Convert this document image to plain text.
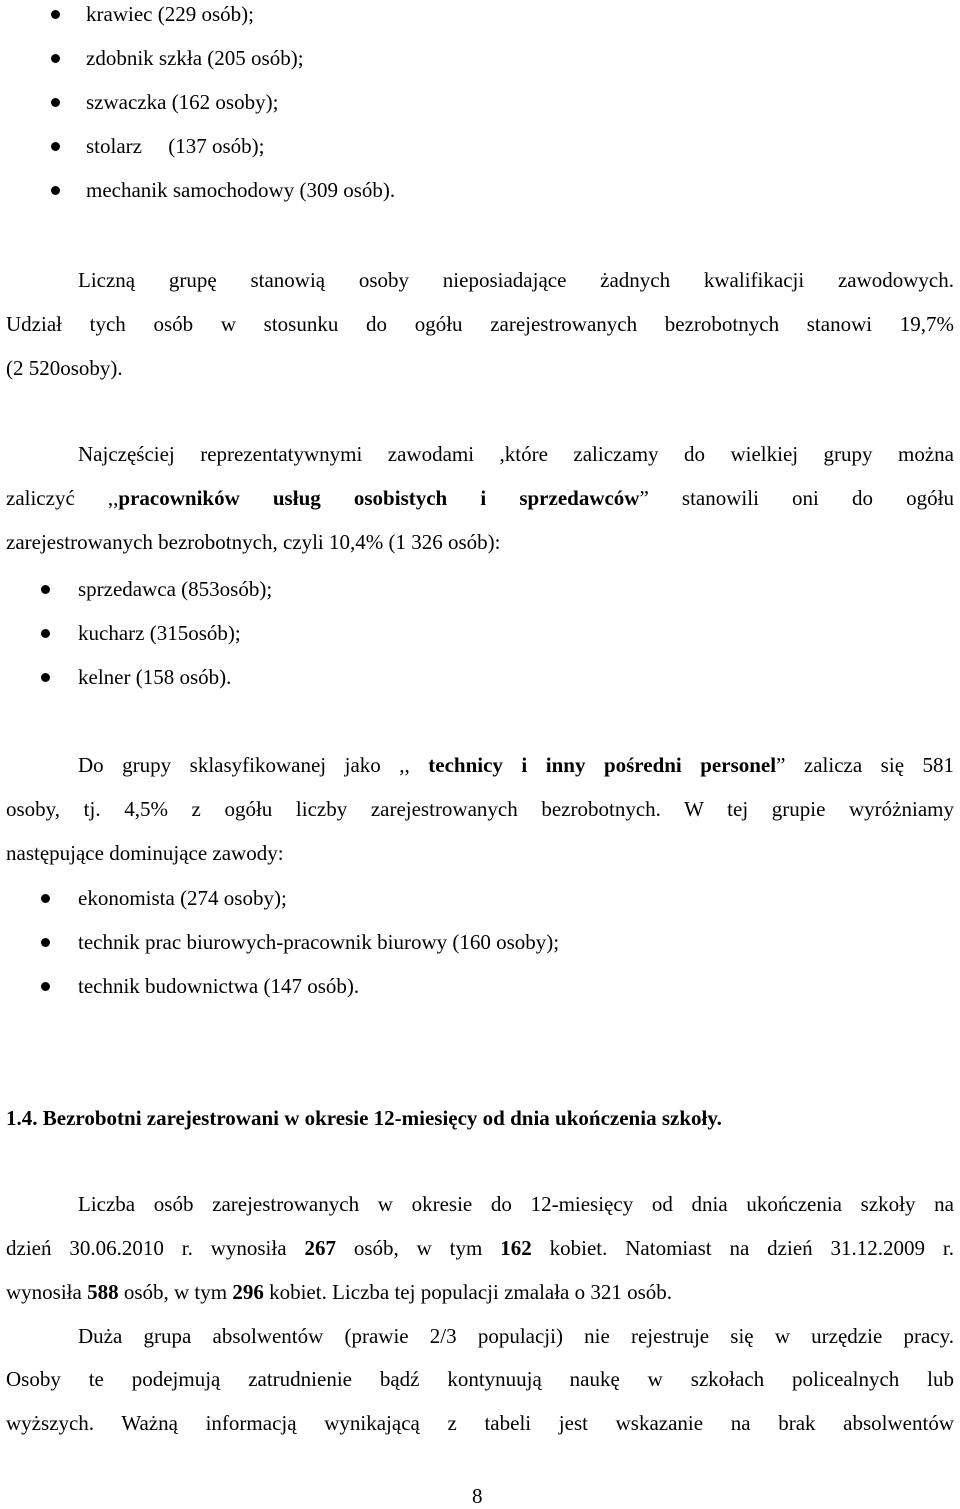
krawiec (229 osób);
zdobnik szkła (205 osób);
szwaczka (162 osoby);
stolarz     (137 osób);
mechanik samochodowy (309 osób).
Liczną grupę stanowią osoby nieposiadające żadnych kwalifikacji zawodowych.
Udział tych osób w stosunku do ogółu zarejestrowanych bezrobotnych stanowi 19,7%
(2 520osoby).
Najczęściej reprezentatywnymi zawodami ,które zaliczamy do wielkiej grupy można
zaliczyć  ,,pracowników  usług  osobistych  i  sprzedawców”  stanowili  oni  do  ogółu
zarejestrowanych bezrobotnych, czyli 10,4% (1 326 osób):
sprzedawca (853osób);
kucharz (315osób);
kelner (158 osób).
Do grupy sklasyfikowanej jako ,, technicy i inny pośredni personel” zalicza się 581
osoby, tj. 4,5% z ogółu liczby zarejestrowanych bezrobotnych. W tej grupie wyróżniamy
następujące dominujące zawody:
ekonomista (274 osoby);
technik prac biurowych-pracownik biurowy (160 osoby);
technik budownictwa (147 osób).
1.4. Bezrobotni zarejestrowani w okresie 12-miesięcy od dnia ukończenia szkoły.
Liczba osób zarejestrowanych w okresie do 12-miesięcy od dnia ukończenia szkoły na
dzień 30.06.2010 r. wynosiła 267 osób, w tym 162 kobiet. Natomiast na dzień 31.12.2009 r.
wynosiła 588 osób, w tym 296 kobiet. Liczba tej populacji zmalała o 321 osób.
Duża grupa absolwentów (prawie 2/3 populacji) nie rejestruje się w urzędzie pracy.
Osoby te podejmują zatrudnienie bądź kontynuują naukę w szkołach policealnych lub
wyższych. Ważną informacją wynikającą z tabeli jest wskazanie na brak absolwentów
8
